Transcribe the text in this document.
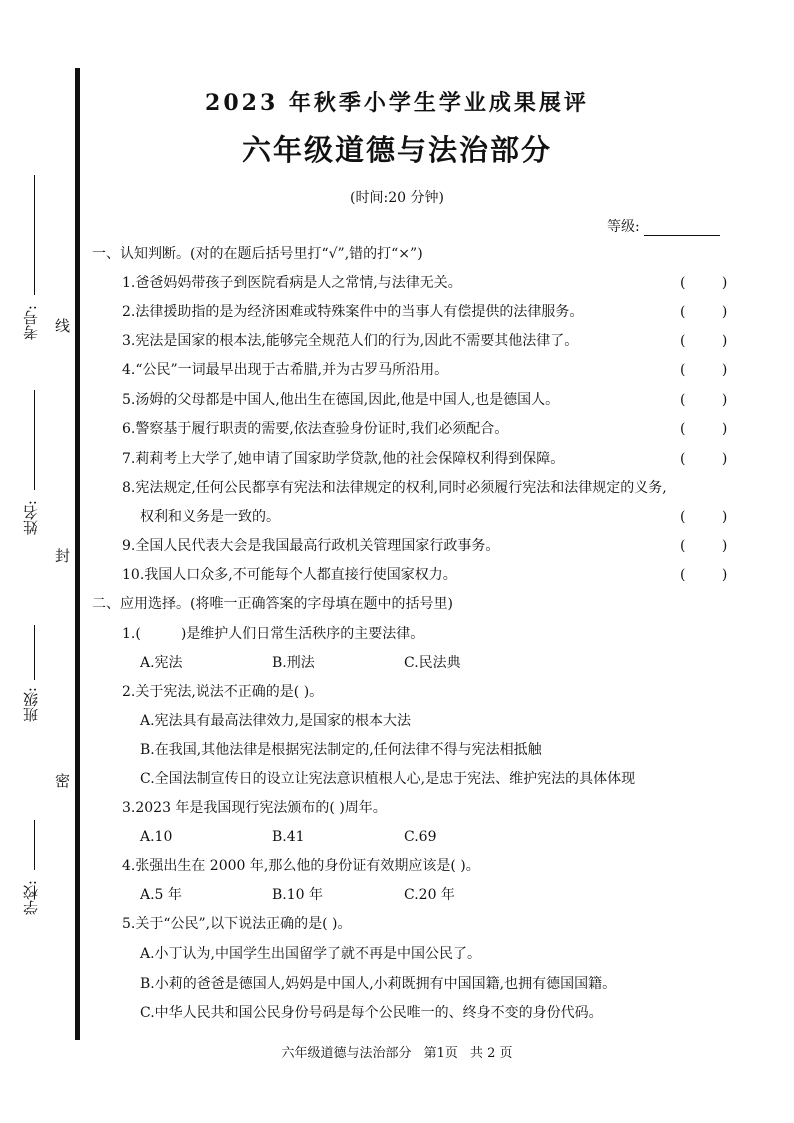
考号:
姓名:
班级:
学校:
线
封
密
2023 年秋季小学生学业成果展评
六年级道德与法治部分
(时间:20 分钟)
等级:
一、认知判断。(对的在题后括号里打“√”,错的打“×”)
1.爸爸妈妈带孩子到医院看病是人之常情,与法律无关。	( )
2.法律援助指的是为经济困难或特殊案件中的当事人有偿提供的法律服务。	( )
3.宪法是国家的根本法,能够完全规范人们的行为,因此不需要其他法律了。	( )
4.“公民”一词最早出现于古希腊,并为古罗马所沿用。	( )
5.汤姆的父母都是中国人,他出生在德国,因此,他是中国人,也是德国人。	( )
6.警察基于履行职责的需要,依法查验身份证时,我们必须配合。	( )
7.莉莉考上大学了,她申请了国家助学贷款,他的社会保障权利得到保障。	( )
8.宪法规定,任何公民都享有宪法和法律规定的权利,同时必须履行宪法和法律规定的义务,
权利和义务是一致的。	( )
9.全国人民代表大会是我国最高行政机关管理国家行政事务。	( )
10.我国人口众多,不可能每个人都直接行使国家权力。	( )
二、应用选择。(将唯一正确答案的字母填在题中的括号里)
1.(	)是维护人们日常生活秩序的主要法律。
A.宪法	B.刑法	C.民法典
2.关于宪法,说法不正确的是( )。
A.宪法具有最高法律效力,是国家的根本大法
B.在我国,其他法律是根据宪法制定的,任何法律不得与宪法相抵触
C.全国法制宣传日的设立让宪法意识植根人心,是忠于宪法、维护宪法的具体体现
3.2023 年是我国现行宪法颁布的( )周年。
A.10	B.41	C.69
4.张强出生在 2000 年,那么他的身份证有效期应该是( )。
A.5 年	B.10 年	C.20 年
5.关于“公民”,以下说法正确的是( )。
A.小丁认为,中国学生出国留学了就不再是中国公民了。
B.小莉的爸爸是德国人,妈妈是中国人,小莉既拥有中国国籍,也拥有德国国籍。
C.中华人民共和国公民身份号码是每个公民唯一的、终身不变的身份代码。
六年级道德与法治部分 第1页 共 2 页
